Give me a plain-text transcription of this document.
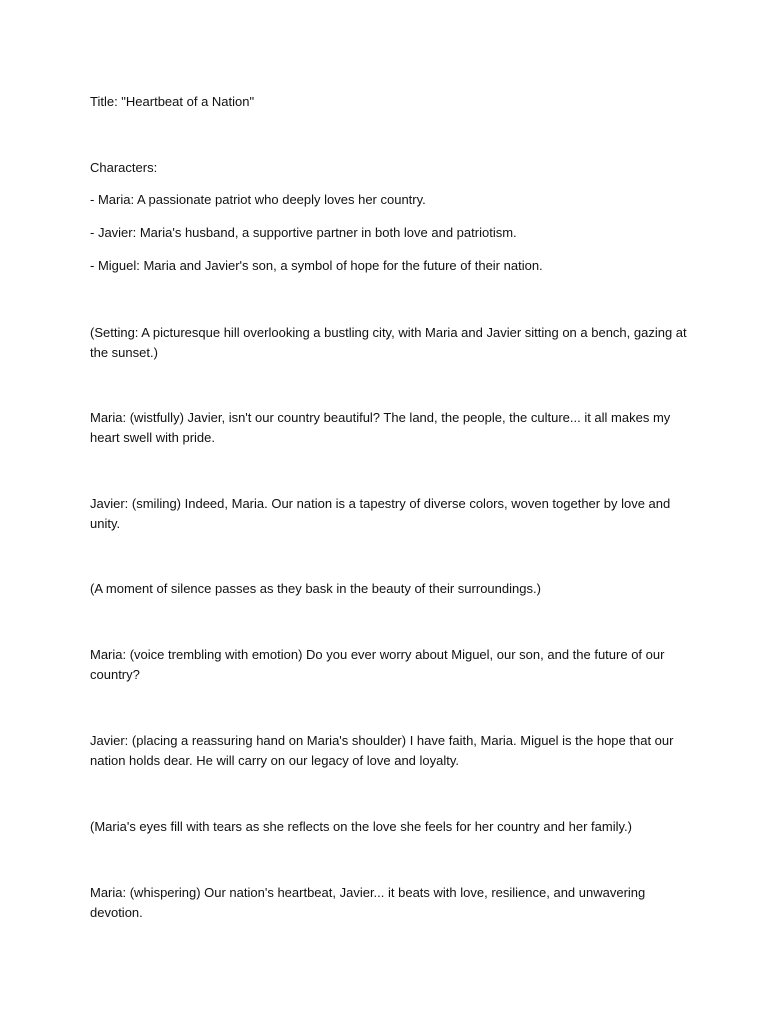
Title: "Heartbeat of a Nation"

Characters:

- Maria: A passionate patriot who deeply loves her country.

- Javier: Maria's husband, a supportive partner in both love and patriotism.

- Miguel: Maria and Javier's son, a symbol of hope for the future of their nation.

(Setting: A picturesque hill overlooking a bustling city, with Maria and Javier sitting on a bench, gazing at the sunset.)

Maria: (wistfully) Javier, isn't our country beautiful? The land, the people, the culture... it all makes my heart swell with pride.

Javier: (smiling) Indeed, Maria. Our nation is a tapestry of diverse colors, woven together by love and unity.

(A moment of silence passes as they bask in the beauty of their surroundings.)

Maria: (voice trembling with emotion) Do you ever worry about Miguel, our son, and the future of our country?

Javier: (placing a reassuring hand on Maria's shoulder) I have faith, Maria. Miguel is the hope that our nation holds dear. He will carry on our legacy of love and loyalty.

(Maria's eyes fill with tears as she reflects on the love she feels for her country and her family.)

Maria: (whispering) Our nation's heartbeat, Javier... it beats with love, resilience, and unwavering devotion.
